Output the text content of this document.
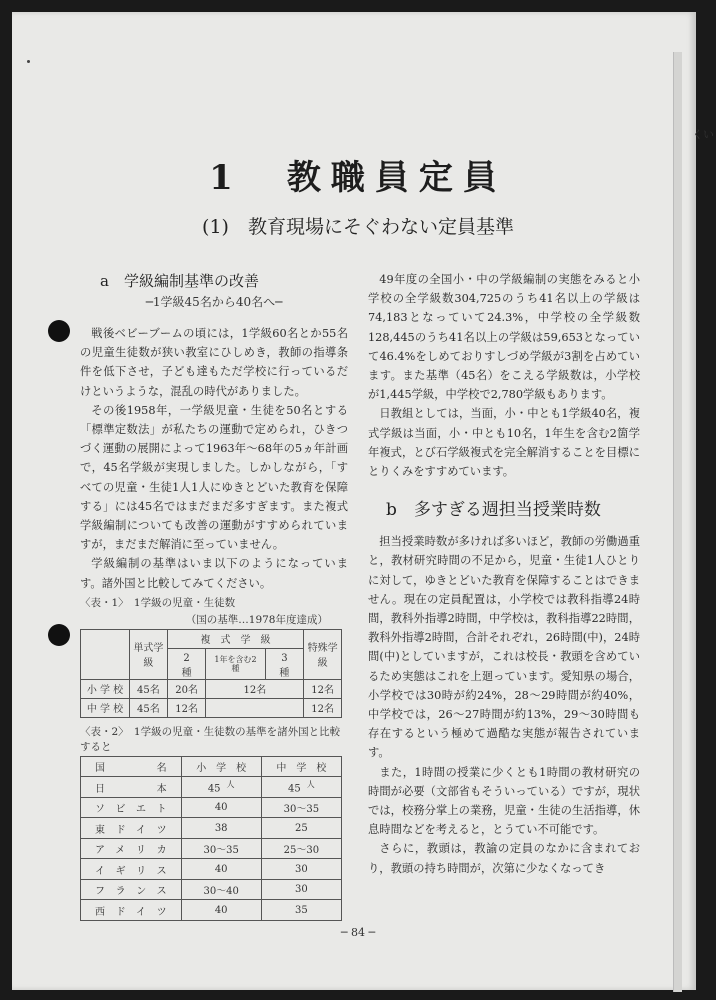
くい
1　教職員定員
(1)　教育現場にそぐわない定員基準
a　学級編制基準の改善
─1学級45名から40名へ─

戦後ベビーブームの頃には，1学級60名とか55名の児童生徒数が狭い教室にひしめき，教師の指導条件を低下させ，子ども達もただ学校に行っているだけというような，混乱の時代がありました。

その後1958年，一学級児童・生徒を50名とする「標準定数法」が私たちの運動で定められ，ひきつづく運動の展開によって1963年〜68年の5ヵ年計画で，45名学級が実現しました。しかしながら，「すべての児童・生徒1人1人にゆきとどいた教育を保障する」には45名ではまだまだ多すぎます。また複式学級編制についても改善の運動がすすめられていますが，まだまだ解消に至っていません。

学級編制の基準はいま以下のようになっています。諸外国と比較してみてください。

〈表・1〉　1学級の児童・生徒数
（国の基準…1978年度達成）
	単式学級	複　式　学　級			特殊学級
		2　　種	1年を含む2　　種	3　　種	
小 学 校	45名	20名	12名		12名
中 学 校	45名	12名			12名
〈表・2〉　1学級の児童・生徒数の基準を諸外国と比較すると
国　　名	小　学　校	中　学　校
日　　本	45 $^人$	45 $^人$
ソビエト	40	30〜35
東ドイツ	38	25
アメリカ	30〜35	25〜30
イギリス	40	30
フランス	30〜40	30
西ドイツ	40	35

49年度の全国小・中の学級編制の実態をみると小学校の全学級数304,725のうち41名以上の学級は74,183となっていて24.3%，中学校の全学級数128,445のうち41名以上の学級は59,653となっていて46.4%をしめておりすしづめ学級が3割を占めています。また基準（45名）をこえる学級数は，小学校が1,445学級，中学校で2,780学級もあります。

日教組としては，当面，小・中とも1学級40名，複式学級は当面，小・中とも10名，1年生を含む2箇学年複式，とび石学級複式を完全解消することを目標にとりくみをすすめています。

b　多すぎる週担当授業時数

担当授業時数が多ければ多いほど，教師の労働過重と，教材研究時間の不足から，児童・生徒1人ひとりに対して，ゆきとどいた教育を保障することはできません。現在の定員配置は，小学校では教科指導24時間，教科外指導2時間，中学校は，教科指導22時間，教科外指導2時間，合計それぞれ，26時間(中)，24時間(中)としていますが，これは校長・教頭を含めているため実態はこれを上廻っています。愛知県の場合，小学校では30時が約24%，28〜29時間が約40%，中学校では，26〜27時間が約13%，29〜30時間も存在するという極めて過酷な実態が報告されています。

また，1時間の授業に少くとも1時間の教材研究の時間が必要（文部省もそういっている）ですが，現状では，校務分掌上の業務，児童・生徒の生活指導，休息時間などを考えると，とうてい不可能です。

さらに，教頭は，教諭の定員のなかに含まれており，教頭の持ち時間が，次第に少なくなってき

─ 84 ─
